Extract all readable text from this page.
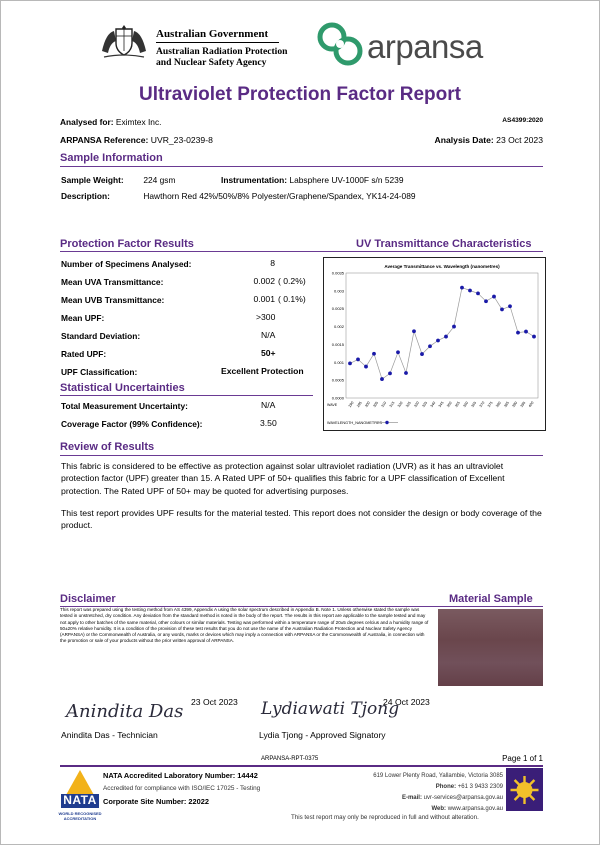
Australian Government
Australian Radiation Protection
and Nuclear Safety Agency	arpansa
Ultraviolet Protection Factor Report
Analysed for: Eximtex Inc.	AS4399:2020
ARPANSA Reference: UVR_23-0239-8	Analysis Date: 23 Oct 2023
Sample Information
Sample Weight: 224 gsm	Instrumentation: Labsphere UV-1000F s/n 5239
Description:	Hawthorn Red 42%/50%/8% Polyester/Graphene/Spandex, YK14-24-089
Protection Factor Results	UV Transmittance Characteristics
Number of Specimens Analysed:	8
Mean UVA Transmittance:	0.002 ( 0.2%)
Mean UVB Transmittance:	0.001 ( 0.1%)
Mean UPF:	>300
Standard Deviation:	N/A
Rated UPF:	50+
UPF Classification:	Excellent Protection
Statistical Uncertainties
Total Measurement Uncertainty:	N/A
Coverage Factor (99% Confidence):	3.50
Average Transmittance vs. Wavelength (nanometres)
0.0035
0.003
0.0025
0.002
0.0015
0.001
0.0005
0.0000
290 295 300 305 310 315 320 325 330 335 340 345 350 355 360 365 370 375 380 385 390 395 400
WAVE
WAVELENGTH_NANOMETRES
Review of Results
This fabric is considered to be effective as protection against solar ultraviolet radiation (UVR) as it has an ultraviolet protection factor (UPF) greater than 15. A Rated UPF of 50+ qualifies this fabric for a UPF classification of Excellent protection. The Rated UPF of 50+ may be quoted for advertising purposes.
This test report provides UPF results for the material tested. This report does not consider the design or body coverage of the product.
Disclaimer	Material Sample
This report was prepared using the testing method from AS 4399, Appendix A using the solar spectrum described in Appendix B. Note 1. Unless otherwise stated the sample was tested in unstretched, dry condition. Any deviation from the standard method is noted in the body of the report. The results in this report are applicable to the sample tested and may not apply to other batches of the same material, other colours or similar materials. Testing was performed within a temperature range of 20±5 degrees celcius and a humidity range of 50±20% relative humidity. It is a condition of the provision of these test results that you do not use the name of the Australian Radiation Protection and Nuclear Safety Agency (ARPANSA) or the Commonwealth of Australia, or any words, marks or devices which may imply a connection with ARPANSA or the Commonwealth of Australia, in connection with the promotion or sale of your products without the prior written approval of ARPANSA.
Anindita Das 23 Oct 2023
Anindita Das - Technician
Lydiawati Tjong
24 Oct 2023
Lydia Tjong - Approved Signatory
ARPANSA-RPT-0375	Page 1 of 1
NATA
WORLD RECOGNISED ACCREDITATION
NATA Accredited Laboratory Number: 14442
Accredited for compliance with ISO/IEC 17025 - Testing
Corporate Site Number: 22022
619 Lower Plenty Road, Yallambie, Victoria 3085
Phone: +61 3 9433 2309
E-mail: uvr-services@arpansa.gov.au
Web: www.arpansa.gov.au
This test report may only be reproduced in full and without alteration.
